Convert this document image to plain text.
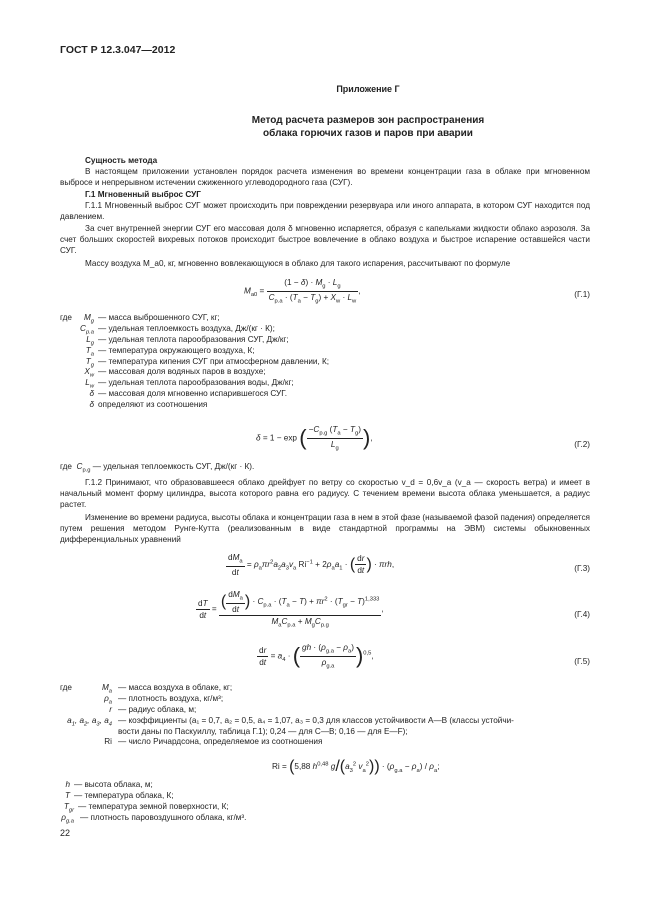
ГОСТ Р 12.3.047—2012
Приложение Г
Метод расчета размеров зон распространения
облака горючих газов и паров при аварии
Сущность метода
В настоящем приложении установлен порядок расчета изменения во времени концентрации газа в облаке при мгновенном выбросе и непрерывном истечении сжиженного углеводородного газа (СУГ).
Г.1 Мгновенный выброс СУГ
Г.1.1 Мгновенный выброс СУГ может происходить при повреждении резервуара или иного аппарата, в котором СУГ находится под давлением.
За счет внутренней энергии СУГ его массовая доля δ мгновенно испаряется, образуя с капельками жидкости облако аэрозоля. За счет больших скоростей вихревых потоков происходит быстрое вовлечение в облако воздуха и быстрое испарение оставшейся части СУГ.
Массу воздуха M_a0, кг, мгновенно вовлекающуюся в облако для такого испарения, рассчитывают по формуле
$M_{a0} = \frac{(1 - \delta) \cdot M_g \cdot L_g}{C_{p.a} \cdot (T_a - T_g) + X_w \cdot L_w}$ ,	(Г.1)
где	$M_g$ — масса выброшенного СУГ, кг;
$C_{p.a}$ — удельная теплоемкость воздуха, Дж/(кг · К);
$L_g$ — удельная теплота парообразования СУГ, Дж/кг;
$T_a$ — температура окружающего воздуха, К;
$T_g$ — температура кипения СУГ при атмосферном давлении, К;
$X_w$ — массовая доля водяных паров в воздухе;
$L_w$ — удельная теплота парообразования воды, Дж/кг;
δ — массовая доля мгновенно испарившегося СУГ.
δ определяют из соотношения
δ = 1 − exp ( $\frac{-C_{p.g} (T_a - T_g)}{L_g}$ ),
(Г.2)
где $C_{p.g}$ — удельная теплоемкость СУГ, Дж/(кг · К).
Г.1.2 Принимают, что образовавшееся облако дрейфует по ветру со скоростью v_d = 0,6v_a (v_a — скорость ветра) и имеет в начальный момент форму цилиндра, высота которого равна его радиусу. С течением времени высота облака уменьшается, а радиус растет.
Изменение во времени радиуса, высоты облака и концентрации газа в нем в этой фазе (называемой фазой падения) определяется путем решения методом Рунге-Кутта (реализованным в виде стандартной программы на ЭВМ) системы обыкновенных дифференциальных уравнений
$\frac{dM_a}{dt} = \rho_a\pi r^2a_2a_3v_a$ $Ri^{-1} + 2\rho_aa_1$ · ( $\frac{dr}{dt}$ ) · πrh,	(Г.3)
$\frac{dT}{dt} = \frac{( \frac{dM_a}{dt} ) \cdot C_{p.a} \cdot (T_a - T) + \pi r^2 \cdot (T_{gr} - T)^{1,333}}{M_aC_{p.a} + M_gC_{p.g}}$ ,
(Г.4)
$\frac{dr}{dt} = a_4$ · ( $\frac{gh \cdot (\rho_{g.a} - \rho_a)}{\rho_{g.a}} )^{0,5}$,
(Г.5)
где	$M_a$ — масса воздуха в облаке, кг;
$\rho_a$ — плотность воздуха, кг/м³;
r — радиус облака, м;
$a_1$, $a_2$, $a_3$, $a_4$ — коэффициенты (a₁ = 0,7, a₂ = 0,5, a₄ = 1,07, a₃ = 0,3 для классов устойчивости А—В (классы устойчи-
вости даны по Паскуиллу, таблица Г.1); 0,24 — для С—В; 0,16 — для Е—F);
Ri — число Ричардсона, определяемое из соотношения
Ri = (5,88 $h^{0,48}$ $g/(a_3^2$ $v_a^2)) \cdot (\rho_{g.a} - \rho_a) / \rho_a$;
h — высота облака, м;
T — температура облака, К;
$T_{gr}$ — температура земной поверхности, К;
$\rho_{g.a}$ — плотность паровоздушного облака, кг/м³.
22
